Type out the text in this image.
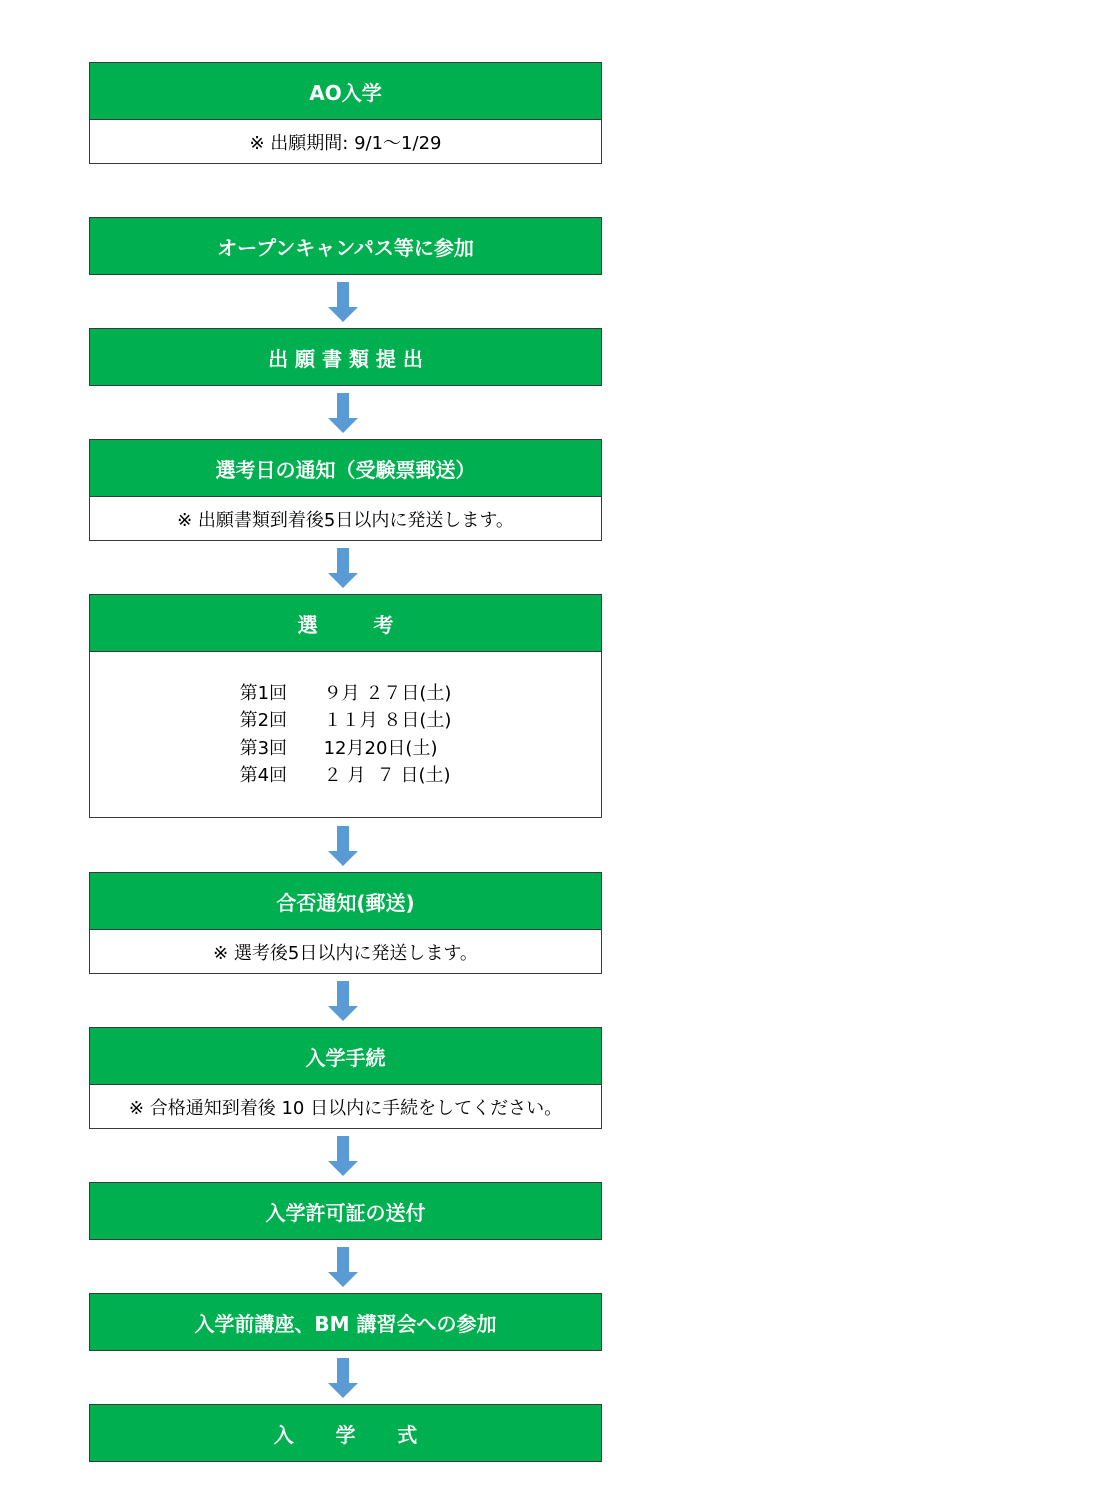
AO入学
※ 出願期間: 9/1〜1/29
オープンキャンパス等に参加
出 願 書 類 提 出
選考日の通知（受験票郵送）
※ 出願書類到着後5日以内に発送します。
選        考
第1回	９月 ２７日(土)
第2回	１１月 ８日(土)
第3回	12月20日(土)
第4回	２ 月  ７ 日(土)
合否通知(郵送)
※ 選考後5日以内に発送します。
入学手続
※ 合格通知到着後 10 日以内に手続をしてください。
入学許可証の送付
入学前講座、BM 講習会への参加
入      学      式
